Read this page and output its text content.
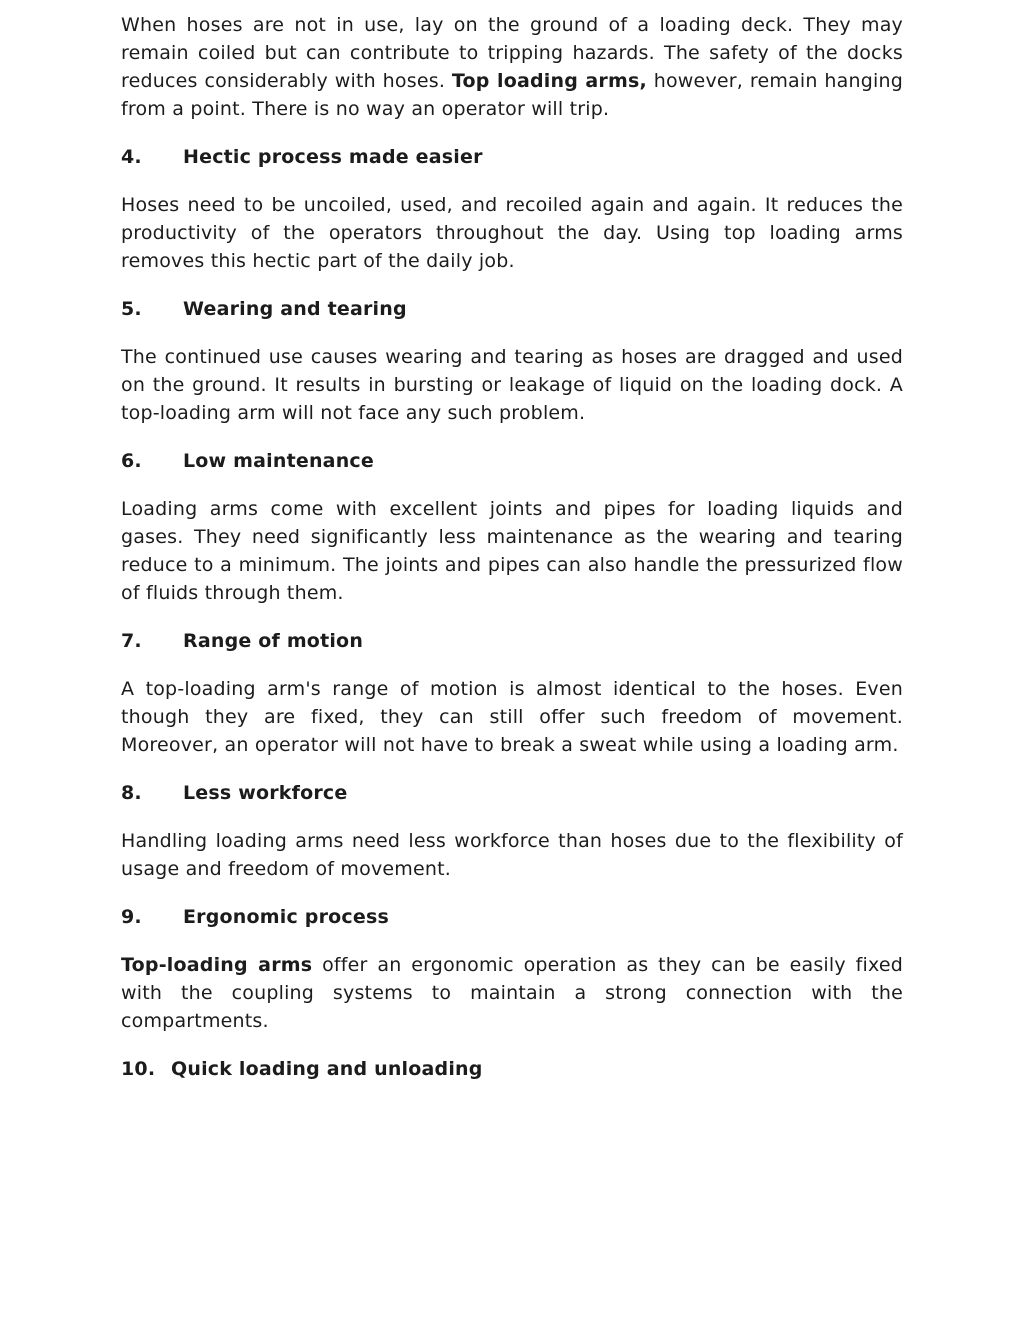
When hoses are not in use, lay on the ground of a loading deck. They may remain coiled but can contribute to tripping hazards. The safety of the docks reduces considerably with hoses. Top loading arms, however, remain hanging from a point. There is no way an operator will trip.

4.	Hectic process made easier

Hoses need to be uncoiled, used, and recoiled again and again. It reduces the productivity of the operators throughout the day. Using top loading arms removes this hectic part of the daily job.

5.	Wearing and tearing

The continued use causes wearing and tearing as hoses are dragged and used on the ground. It results in bursting or leakage of liquid on the loading dock. A top-loading arm will not face any such problem.

6.	Low maintenance

Loading arms come with excellent joints and pipes for loading liquids and gases. They need significantly less maintenance as the wearing and tearing reduce to a minimum. The joints and pipes can also handle the pressurized flow of fluids through them.

7.	Range of motion

A top-loading arm's range of motion is almost identical to the hoses. Even though they are fixed, they can still offer such freedom of movement. Moreover, an operator will not have to break a sweat while using a loading arm.

8.	Less workforce

Handling loading arms need less workforce than hoses due to the flexibility of usage and freedom of movement.

9.	Ergonomic process

Top-loading arms offer an ergonomic operation as they can be easily fixed with the coupling systems to maintain a strong connection with the compartments.

10. Quick loading and unloading
